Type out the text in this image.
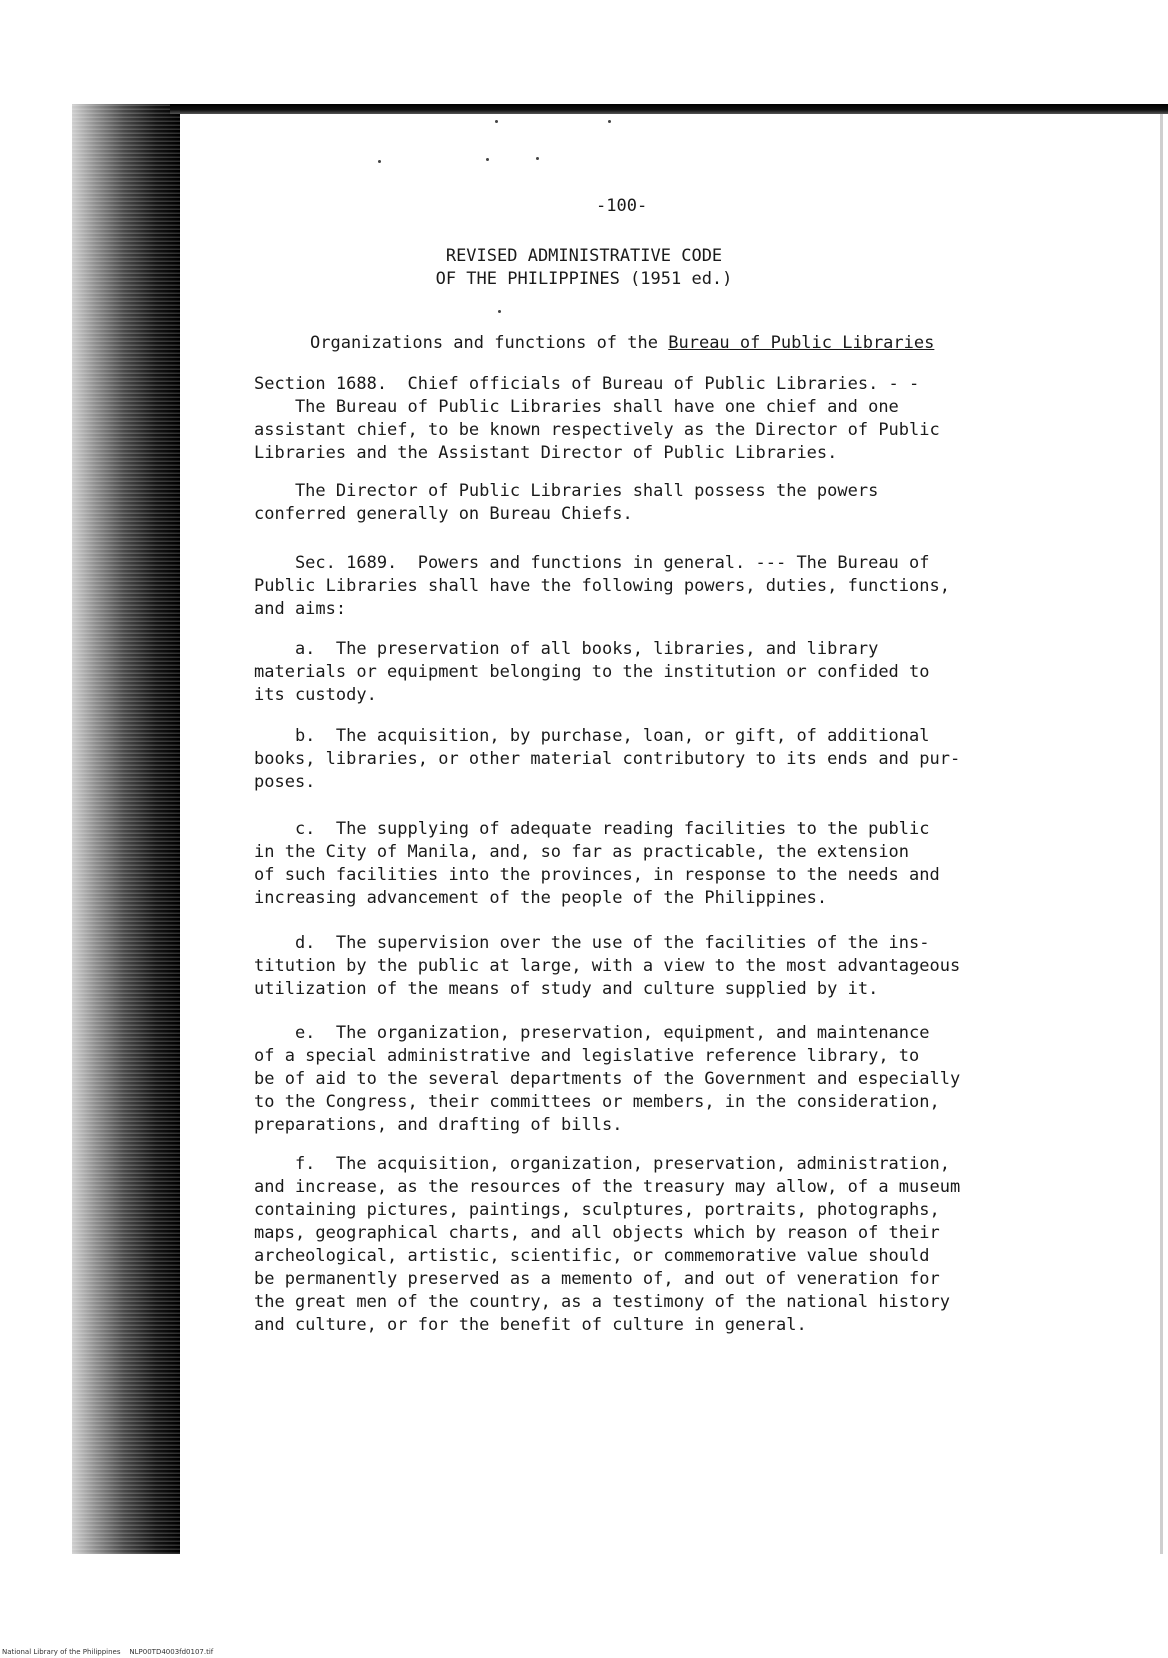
-100-
REVISED ADMINISTRATIVE CODE
OF THE PHILIPPINES (1951 ed.)
Organizations and functions of the Bureau of Public Libraries
Section 1688.  Chief officials of Bureau of Public Libraries. - -
The Bureau of Public Libraries shall have one chief and one
assistant chief, to be known respectively as the Director of Public
Libraries and the Assistant Director of Public Libraries.
The Director of Public Libraries shall possess the powers
conferred generally on Bureau Chiefs.
Sec. 1689.  Powers and functions in general. --- The Bureau of
Public Libraries shall have the following powers, duties, functions,
and aims:
a.  The preservation of all books, libraries, and library
materials or equipment belonging to the institution or confided to
its custody.
b.  The acquisition, by purchase, loan, or gift, of additional
books, libraries, or other material contributory to its ends and pur-
poses.
c.  The supplying of adequate reading facilities to the public
in the City of Manila, and, so far as practicable, the extension
of such facilities into the provinces, in response to the needs and
increasing advancement of the people of the Philippines.
d.  The supervision over the use of the facilities of the ins-
titution by the public at large, with a view to the most advantageous
utilization of the means of study and culture supplied by it.
e.  The organization, preservation, equipment, and maintenance
of a special administrative and legislative reference library, to
be of aid to the several departments of the Government and especially
to the Congress, their committees or members, in the consideration,
preparations, and drafting of bills.
f.  The acquisition, organization, preservation, administration,
and increase, as the resources of the treasury may allow, of a museum
containing pictures, paintings, sculptures, portraits, photographs,
maps, geographical charts, and all objects which by reason of their
archeological, artistic, scientific, or commemorative value should
be permanently preserved as a memento of, and out of veneration for
the great men of the country, as a testimony of the national history
and culture, or for the benefit of culture in general.
National Library of the Philippines NLP00TD4003fd0107.tif
